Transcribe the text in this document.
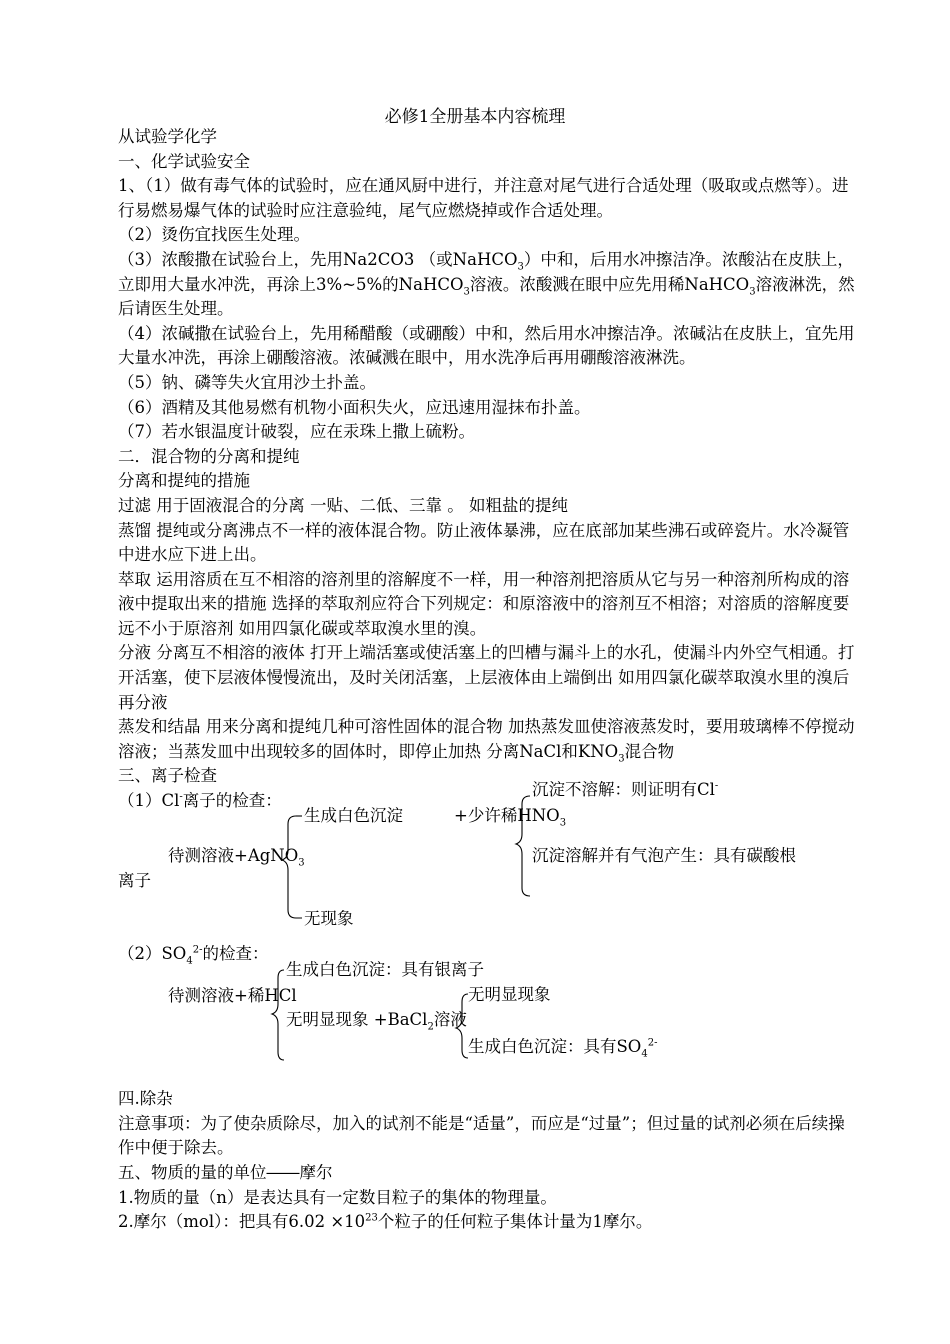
必修1全册基本内容梳理

从试验学化学

一、化学试验安全

1、（1）做有毒气体的试验时，应在通风厨中进行，并注意对尾气进行合适处理（吸取或点燃等）。进行易燃易爆气体的试验时应注意验纯，尾气应燃烧掉或作合适处理。

（2）烫伤宜找医生处理。

（3）浓酸撒在试验台上，先用Na2CO3 （或NaHCO$_3$）中和，后用水冲擦洁净。浓酸沾在皮肤上，立即用大量水冲洗，再涂上3%~5%的NaHCO$_3$溶液。浓酸溅在眼中应先用稀NaHCO$_3$溶液淋洗，然后请医生处理。

（4）浓碱撒在试验台上，先用稀醋酸（或硼酸）中和，然后用水冲擦洁净。浓碱沾在皮肤上，宜先用大量水冲洗，再涂上硼酸溶液。浓碱溅在眼中，用水洗净后再用硼酸溶液淋洗。

（5）钠、磷等失火宜用沙土扑盖。

（6）酒精及其他易燃有机物小面积失火，应迅速用湿抹布扑盖。

（7）若水银温度计破裂，应在汞珠上撒上硫粉。

二．混合物的分离和提纯

分离和提纯的措施

过滤 用于固液混合的分离 一贴、二低、三靠 。 如粗盐的提纯

蒸馏 提纯或分离沸点不一样的液体混合物。防止液体暴沸，应在底部加某些沸石或碎瓷片。水冷凝管中进水应下进上出。

萃取 运用溶质在互不相溶的溶剂里的溶解度不一样，用一种溶剂把溶质从它与另一种溶剂所构成的溶液中提取出来的措施 选择的萃取剂应符合下列规定：和原溶液中的溶剂互不相溶；对溶质的溶解度要远不小于原溶剂 如用四氯化碳或萃取溴水里的溴。

分液 分离互不相溶的液体 打开上端活塞或使活塞上的凹槽与漏斗上的水孔，使漏斗内外空气相通。打开活塞，使下层液体慢慢流出，及时关闭活塞，上层液体由上端倒出 如用四氯化碳萃取溴水里的溴后再分液

蒸发和结晶 用来分离和提纯几种可溶性固体的混合物 加热蒸发皿使溶液蒸发时，要用玻璃棒不停搅动溶液；当蒸发皿中出现较多的固体时，即停止加热 分离NaCl和$KNO_3$混合物

三、离子检查

（1）Cl-离子的检查：

生成白色沉淀	+少许稀$HNO_3$
沉淀不溶解：则证明有Cl-
沉淀溶解并有气泡产生：具有碳酸根
待测溶液+AgNO$_3$
离子
无现象

$(2)SO_4^{2-}$的检查：

生成白色沉淀：具有银离子
待测溶液+稀HCl	无明显现象
无明显现象 +BaCl$_2$溶液
生成白色沉淀：具有$SO_4^{2-}$

四.除杂

注意事项：为了使杂质除尽，加入的试剂不能是“适量”，而应是“过量”；但过量的试剂必须在后续操作中便于除去。

五、物质的量的单位――摩尔

1.物质的量（n）是表达具有一定数目粒子的集体的物理量。

2.摩尔（mol）：把具有$6.02 \times 10^{23}$个粒子的任何粒子集体计量为1摩尔。
